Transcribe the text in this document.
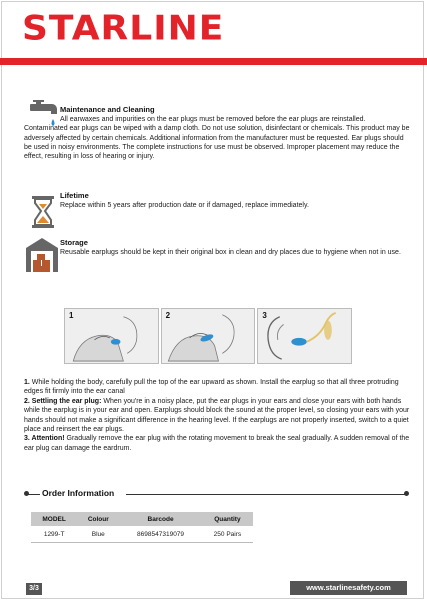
STARLINE
Maintenance and Cleaning
All earwaxes and impurities on the ear plugs must be removed before the ear plugs are reinstalled. Contaminated ear plugs can be wiped with a damp cloth. Do not use solution, disinfectant or chemicals. This product may be adversely affected by certain chemicals. Additional information from the manufacturer must be requested. Ear plugs should be used in noisy environments. The complete instructions for use must be observed. Improper placement may reduce the effect, resulting in loss of hearing or injury.
Lifetime
Replace within 5 years after production date or if damaged, replace immediately.
Storage
Reusable earplugs should be kept in their original box in clean and dry places due to hygiene when not in use.
1	2	3

1. While holding the body, carefully pull the top of the ear upward as shown. Install the earplug so that all three protruding edges fit firmly into the ear canal

2. Settling the ear plug: When you're in a noisy place, put the ear plugs in your ears and close your ears with both hands while the earplug is in your ear and open. Earplugs should block the sound at the proper level, so closing your ears with your hands should not make a significant difference in the hearing level. If the earplugs are not properly inserted, switch to a quiet place and reinsert the ear plugs.

3. Attention! Gradually remove the ear plug with the rotating movement to break the seal gradually. A sudden removal of the ear plug can damage the eardrum.

Order Information
MODEL	Colour	Barcode	Quantity
1299-T	Blue	8698547319079	250 Pairs
3/3	www.starlinesafety.com
